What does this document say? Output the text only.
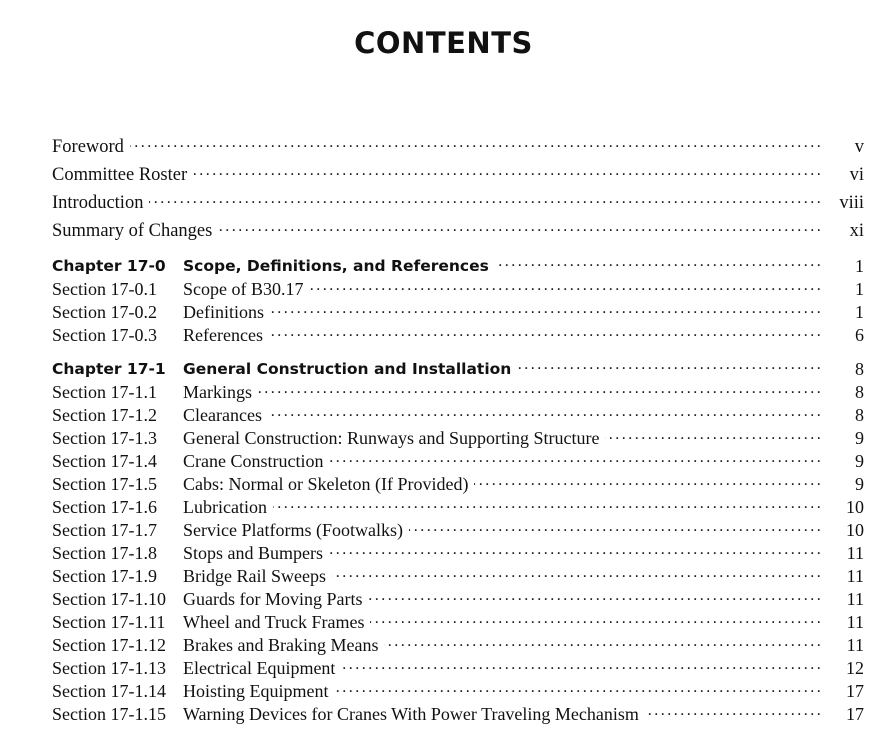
CONTENTS
Foreword . . .	v
Committee Roster . . .	vi
Introduction . . .	viii
Summary of Changes . . .	xi
Chapter 17-0 Scope, Definitions, and References . . .	1
Section 17-0.1 Scope of B30.17 . . .	1
Section 17-0.2 Definitions . . .	1
Section 17-0.3 References . . .	6
Chapter 17-1 General Construction and Installation . . .	8
Section 17-1.1 Markings . . .	8
Section 17-1.2 Clearances . . .	8
Section 17-1.3 General Construction: Runways and Supporting Structure . . .	9
Section 17-1.4 Crane Construction . . .	9
Section 17-1.5 Cabs: Normal or Skeleton (If Provided) . . .	9
Section 17-1.6 Lubrication . . .	10
Section 17-1.7 Service Platforms (Footwalks) . . .	10
Section 17-1.8 Stops and Bumpers . . .	11
Section 17-1.9 Bridge Rail Sweeps . . .	11
Section 17-1.10 Guards for Moving Parts . . .	11
Section 17-1.11 Wheel and Truck Frames . . .	11
Section 17-1.12 Brakes and Braking Means . . .	11
Section 17-1.13 Electrical Equipment . . .	12
Section 17-1.14 Hoisting Equipment . . .	17
Section 17-1.15 Warning Devices for Cranes With Power Traveling Mechanism . . .	17
